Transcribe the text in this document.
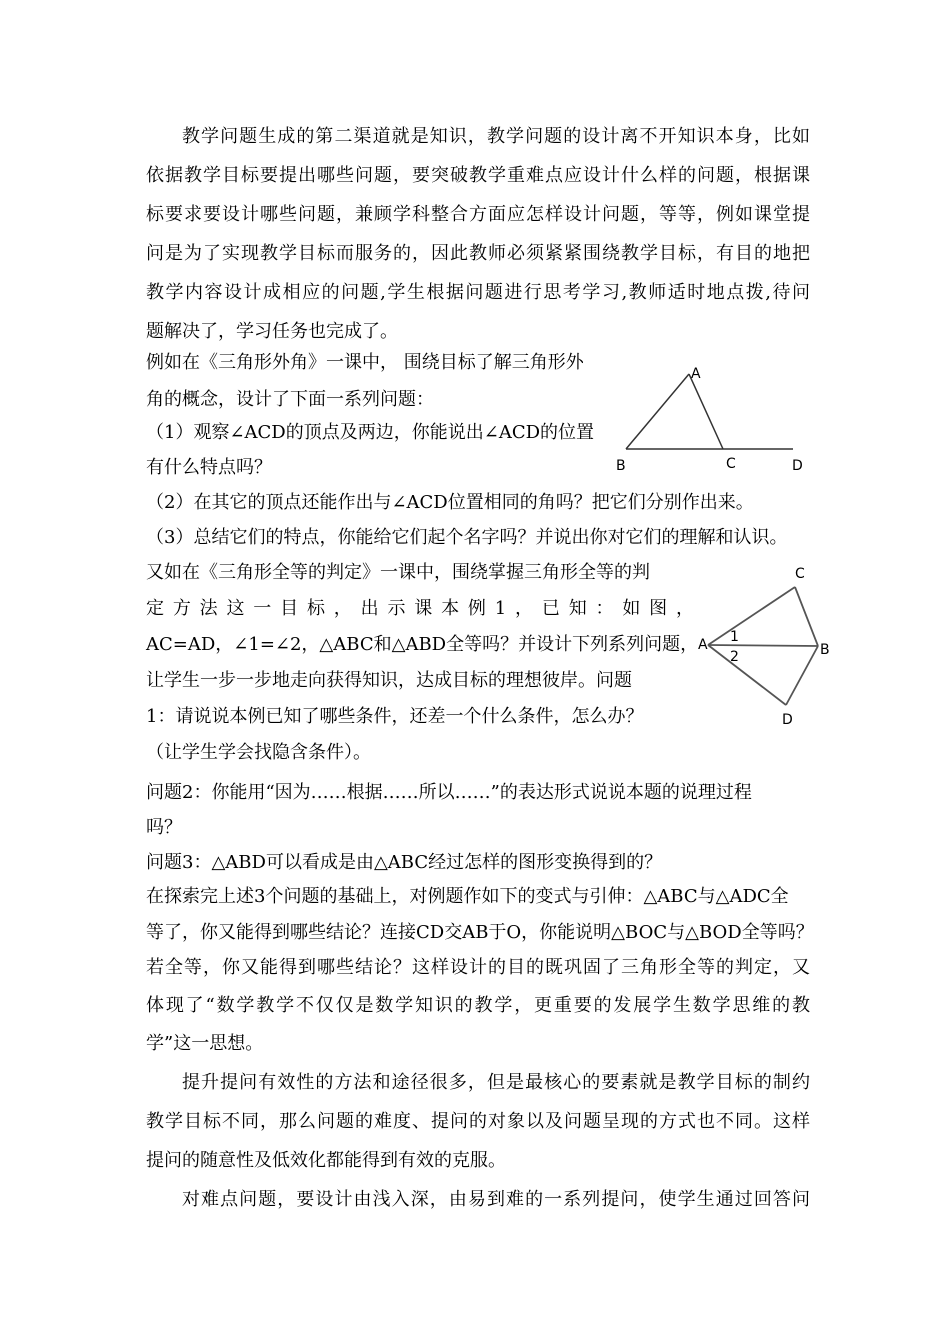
教学问题生成的第二渠道就是知识，教学问题的设计离不开知识本身，比如
依据教学目标要提出哪些问题，要突破教学重难点应设计什么样的问题，根据课
标要求要设计哪些问题，兼顾学科整合方面应怎样设计问题，等等，例如课堂提
问是为了实现教学目标而服务的，因此教师必须紧紧围绕教学目标，有目的地把
教学内容设计成相应的问题,学生根据问题进行思考学习,教师适时地点拨,待问
题解决了，学习任务也完成了。
例如在《三角形外角》一课中， 围绕目标了解三角形外
角的概念，设计了下面一系列问题：
（1）观察∠ACD的顶点及两边，你能说出∠ACD的位置
有什么特点吗？
（2）在其它的顶点还能作出与∠ACD位置相同的角吗？把它们分别作出来。
（3）总结它们的特点，你能给它们起个名字吗？并说出你对它们的理解和认识。
又如在《三角形全等的判定》一课中，围绕掌握三角形全等的判
定方法这一目标，出示课本例1，已知：如图，
AC=AD，∠1=∠2，△ABC和△ABD全等吗？并设计下列系列问题，
让学生一步一步地走向获得知识，达成目标的理想彼岸。问题
1：请说说本例已知了哪些条件，还差一个什么条件，怎么办？
（让学生学会找隐含条件）。
问题2：你能用“因为……根据……所以……”的表达形式说说本题的说理过程
吗？
问题3：△ABD可以看成是由△ABC经过怎样的图形变换得到的？
在探索完上述3个问题的基础上，对例题作如下的变式与引伸：△ABC与△ADC全
等了，你又能得到哪些结论？连接CD交AB于O，你能说明△BOC与△BOD全等吗？
若全等，你又能得到哪些结论？这样设计的目的既巩固了三角形全等的判定，又
体现了“数学教学不仅仅是数学知识的教学，更重要的发展学生数学思维的教
学”这一思想。
提升提问有效性的方法和途径很多，但是最核心的要素就是教学目标的制约
教学目标不同，那么问题的难度、提问的对象以及问题呈现的方式也不同。这样
提问的随意性及低效化都能得到有效的克服。
对难点问题，要设计由浅入深，由易到难的一系列提问，使学生通过回答问
A
B	C	D
C
A	B
D
1
2
